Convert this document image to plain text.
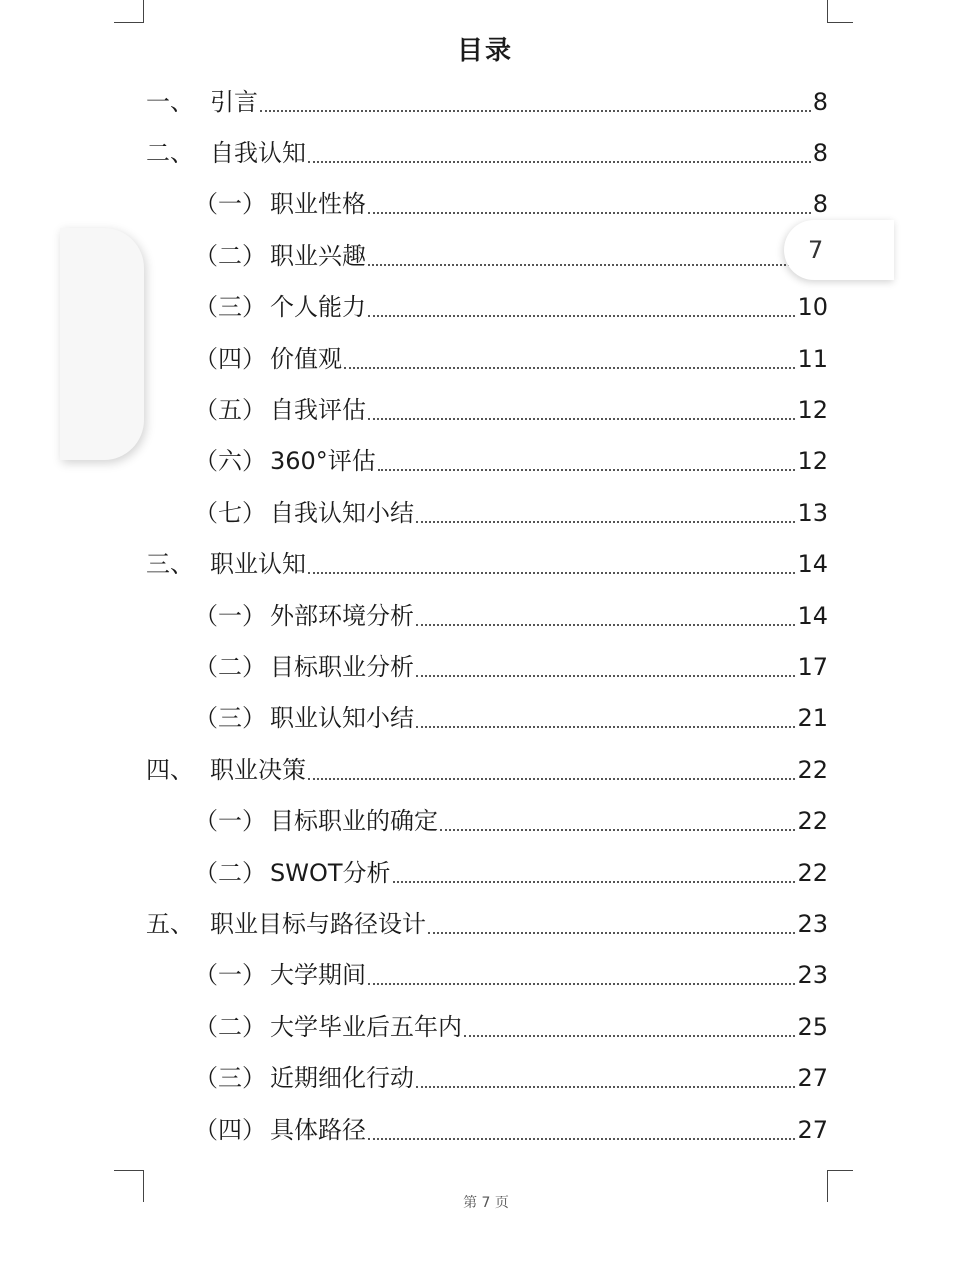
目录
一、 引言	8
二、 自我认知	8
（一） 职业性格	8
（二） 职业兴趣
（三） 个人能力	10
（四） 价值观	11
（五） 自我评估	12
（六） 360°评估	12
（七） 自我认知小结	13
三、 职业认知	14
（一） 外部环境分析	14
（二） 目标职业分析	17
（三） 职业认知小结	21
四、 职业决策	22
（一） 目标职业的确定	22
（二） SWOT分析	22
五、 职业目标与路径设计	23
（一） 大学期间	23
（二） 大学毕业后五年内	25
（三） 近期细化行动	27
（四） 具体路径	27
7
第 7 页
